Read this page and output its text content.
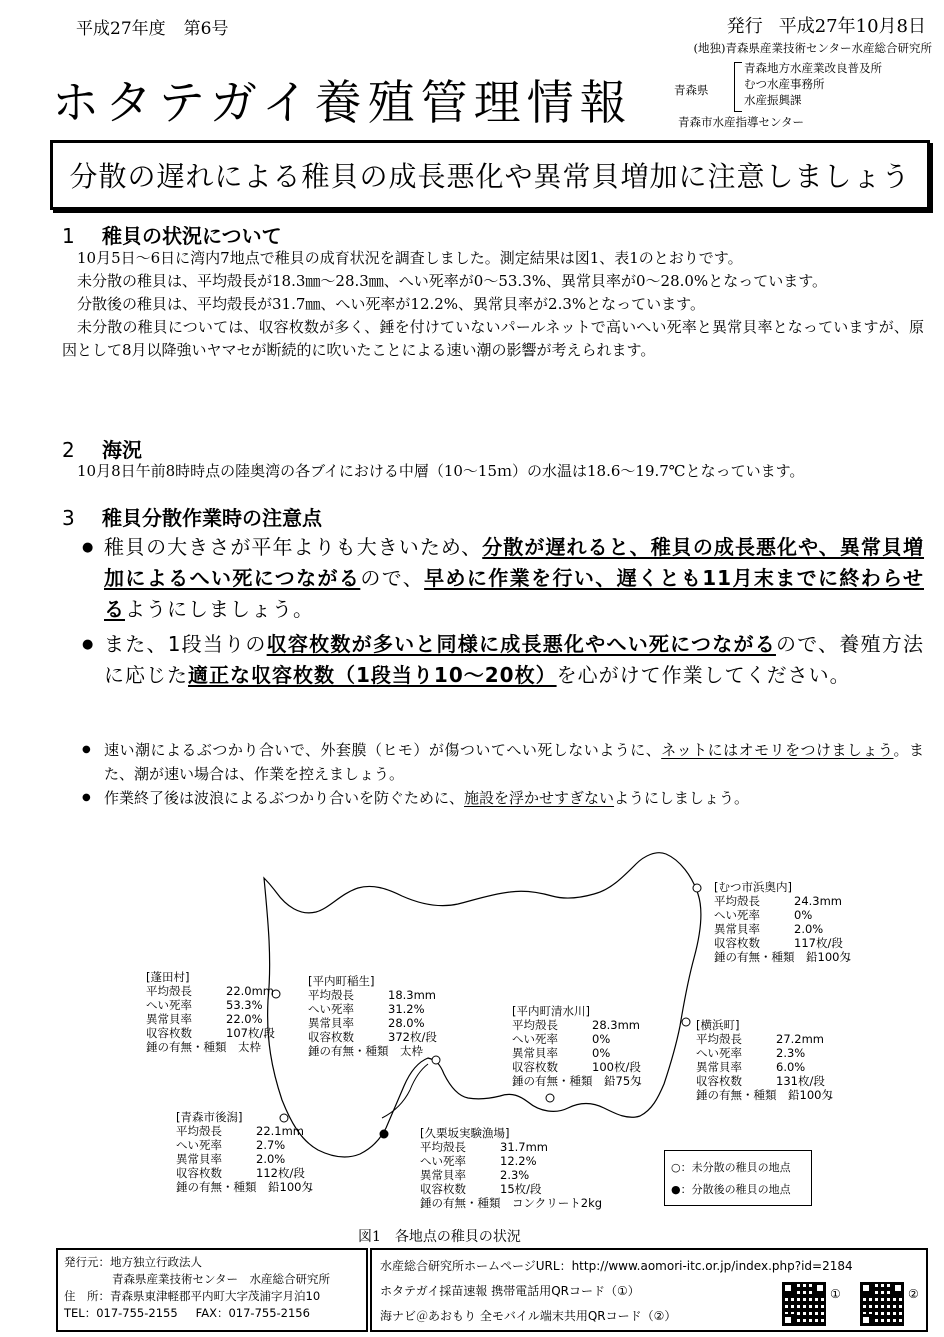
平成27年度 第6号	発行 平成27年10月8日
(地独)青森県産業技術センター水産総合研究所
ホタテガイ養殖管理情報	青森県
青森地方水産業改良普及所
むつ水産事務所
水産振興課
青森市水産指導センター
分散の遅れによる稚貝の成長悪化や異常貝増加に注意しましょう
1 稚貝の状況について

10月5日～6日に湾内7地点で稚貝の成育状況を調査しました。測定結果は図1、表1のとおりです。

未分散の稚貝は、平均殻長が18.3㎜～28.3㎜、へい死率が0～53.3%、異常貝率が0～28.0%となっています。

分散後の稚貝は、平均殻長が31.7㎜、へい死率が12.2%、異常貝率が2.3%となっています。

未分散の稚貝については、収容枚数が多く、錘を付けていないパールネットで高いへい死率と異常貝率となっていますが、原因として8月以降強いヤマセが断続的に吹いたことによる速い潮の影響が考えられます。

2 海況

10月8日午前8時時点の陸奥湾の各ブイにおける中層（10～15ｍ）の水温は18.6～19.7℃となっています。

3 稚貝分散作業時の注意点
● 稚貝の大きさが平年よりも大きいため、分散が遅れると、稚貝の成長悪化や、異常貝増加によるへい死につながるので、早めに作業を行い、遅くとも11月末までに終わらせるようにしましょう。
● また、1段当りの収容枚数が多いと同様に成長悪化やへい死につながるので、養殖方法に応じた適正な収容枚数（1段当り10～20枚）を心がけて作業してください。
● 速い潮によるぶつかり合いで、外套膜（ヒモ）が傷ついてへい死しないように、ネットにはオモリをつけましょう。また、潮が速い場合は、作業を控えましょう。
● 作業終了後は波浪によるぶつかり合いを防ぐために、施設を浮かせすぎないようにしましょう。
[むつ市浜奥内]
平均殻長	24.3mm
へい死率	0%
異常貝率	2.0%
収容枚数	117枚/段
錘の有無・種類	鉛100匁
[蓬田村]
平均殻長	22.0mm
へい死率	53.3%
異常貝率	22.0%
収容枚数	107枚/段
錘の有無・種類	太枠
[平内町稲生]
平均殻長	18.3mm
へい死率	31.2%
異常貝率	28.0%
収容枚数	372枚/段
錘の有無・種類	太枠
[平内町清水川]
平均殻長	28.3mm
へい死率	0%
異常貝率	0%
収容枚数	100枚/段
錘の有無・種類	鉛75匁
[横浜町]
平均殻長	27.2mm
へい死率	2.3%
異常貝率	6.0%
収容枚数	131枚/段
錘の有無・種類	鉛100匁
[青森市後潟]
平均殻長	22.1mm
へい死率	2.7%
異常貝率	2.0%
収容枚数	112枚/段
錘の有無・種類	鉛100匁
[久栗坂実験漁場]
平均殻長	31.7mm
へい死率	12.2%
異常貝率	2.3%
収容枚数	15枚/段
錘の有無・種類	コンクリート2kg
○：未分散の稚貝の地点
●：分散後の稚貝の地点
図1　各地点の稚貝の状況
発行元：地方独立行政法人
青森県産業技術センター　水産総合研究所
住　所：青森県東津軽郡平内町大字茂浦字月泊10
TEL：017-755-2155 FAX：017-755-2156
水産総合研究所ホームページURL：http://www.aomori-itc.or.jp/index.php?id=2184
ホタテガイ採苗速報 携帯電話用QRコード（①）
海ナビ＠あおもり 全モバイル端末共用QRコード（②）
①	②
